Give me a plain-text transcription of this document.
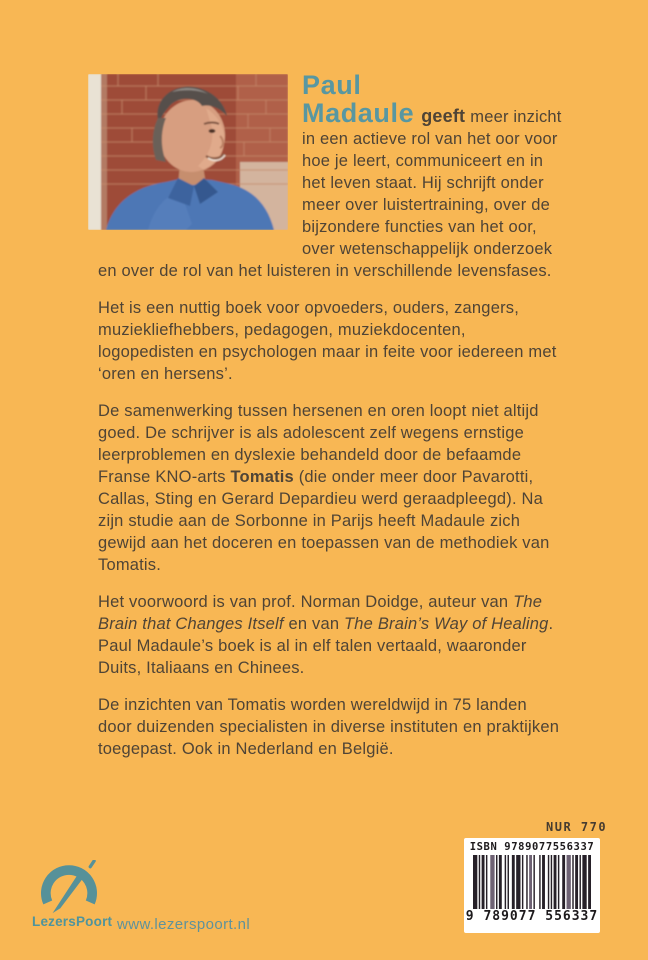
Paul Madaule geeft meer inzicht in een actieve rol van het oor voor hoe je leert, communiceert en in het leven staat. Hij schrijft onder meer over luistertraining, over de bijzondere functies van het oor, over wetenschappelijk onderzoek en over de rol van het luisteren in verschillende levensfases.

Het is een nuttig boek voor opvoeders, ouders, zangers, muziekliefhebbers, pedagogen, muziekdocenten, logopedisten en psychologen maar in feite voor iedereen met ‘oren en hersens’.

De samenwerking tussen hersenen en oren loopt niet altijd goed. De schrijver is als adolescent zelf wegens ernstige leerproblemen en dyslexie behandeld door de befaamde Franse KNO-arts Tomatis (die onder meer door Pavarotti, Callas, Sting en Gerard Depardieu werd geraadpleegd). Na zijn studie aan de Sorbonne in Parijs heeft Madaule zich gewijd aan het doceren en toepassen van de methodiek van Tomatis.

Het voorwoord is van prof. Norman Doidge, auteur van The Brain that Changes Itself en van The Brain’s Way of Healing. Paul Madaule’s boek is al in elf talen vertaald, waaronder Duits, Italiaans en Chinees.

De inzichten van Tomatis worden wereldwijd in 75 landen door duizenden specialisten in diverse instituten en praktijken toegepast. Ook in Nederland en België.

LezersPoort www.lezerspoort.nl
NUR 770
ISBN 9789077556337
9 789077 556337
